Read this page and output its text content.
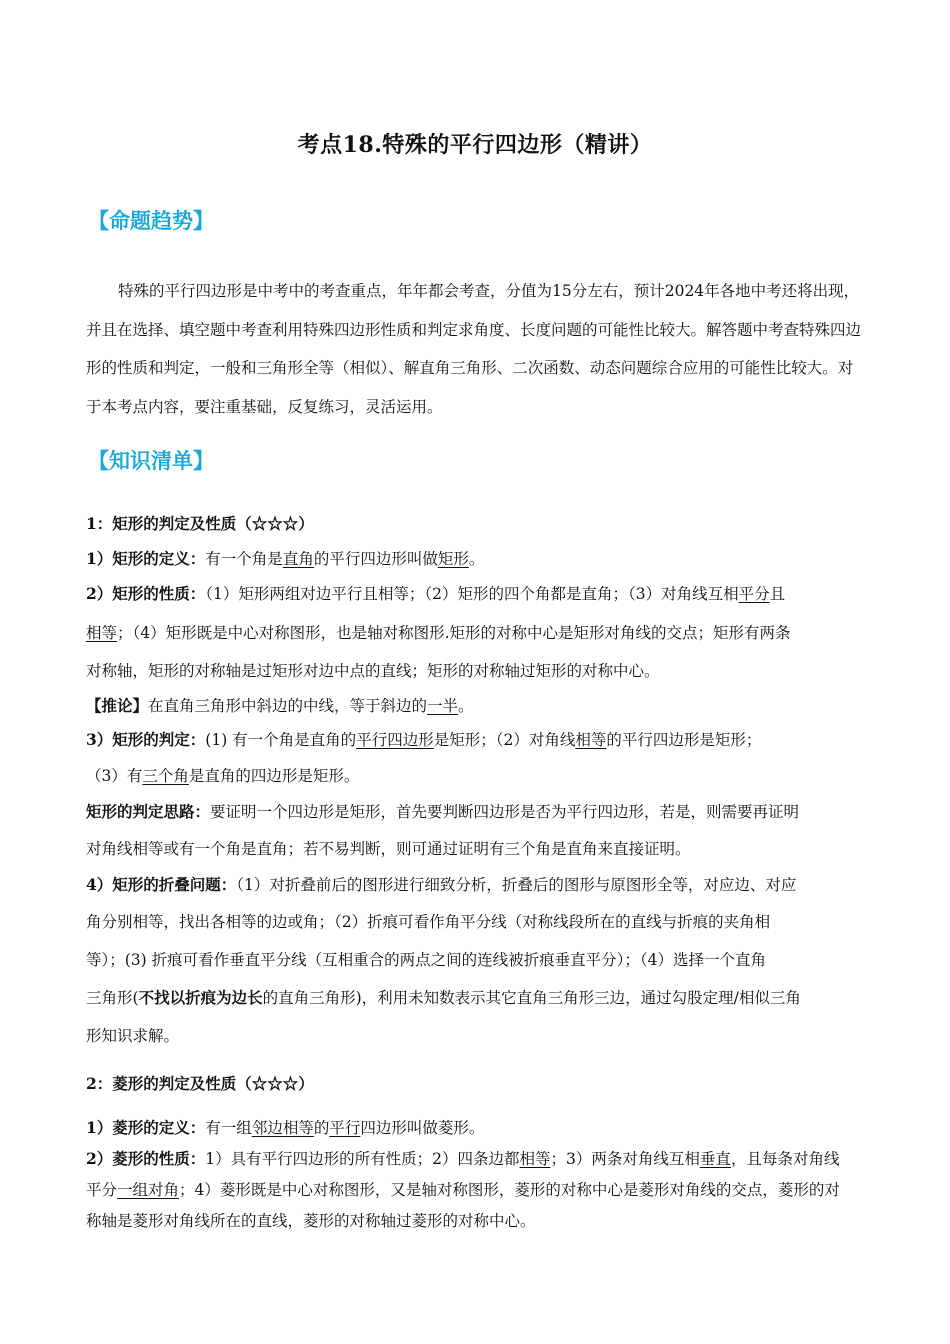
考点18.特殊的平行四边形（精讲）
【命题趋势】

特殊的平行四边形是中考中的考查重点，年年都会考查，分值为15分左右，预计2024年各地中考还将出现，并且在选择、填空题中考查利用特殊四边形性质和判定求角度、长度问题的可能性比较大。解答题中考查特殊四边形的性质和判定，一般和三角形全等（相似）、解直角三角形、二次函数、动态问题综合应用的可能性比较大。对于本考点内容，要注重基础，反复练习，灵活运用。

【知识清单】
1：矩形的判定及性质（☆☆☆）
1）矩形的定义：有一个角是直角的平行四边形叫做矩形。
2）矩形的性质：（1）矩形两组对边平行且相等；（2）矩形的四个角都是直角；（3）对角线互相平分且
相等；（4）矩形既是中心对称图形，也是轴对称图形.矩形的对称中心是矩形对角线的交点；矩形有两条
对称轴，矩形的对称轴是过矩形对边中点的直线；矩形的对称轴过矩形的对称中心。
【推论】在直角三角形中斜边的中线，等于斜边的一半。
3）矩形的判定：(1) 有一个角是直角的平行四边形是矩形；（2）对角线相等的平行四边形是矩形；
（3）有三个角是直角的四边形是矩形。
矩形的判定思路：要证明一个四边形是矩形，首先要判断四边形是否为平行四边形，若是，则需要再证明
对角线相等或有一个角是直角；若不易判断，则可通过证明有三个角是直角来直接证明。
4）矩形的折叠问题：（1）对折叠前后的图形进行细致分析，折叠后的图形与原图形全等，对应边、对应
角分别相等，找出各相等的边或角；（2）折痕可看作角平分线（对称线段所在的直线与折痕的夹角相
等）；(3) 折痕可看作垂直平分线（互相重合的两点之间的连线被折痕垂直平分）；（4）选择一个直角
三角形(不找以折痕为边长的直角三角形)，利用未知数表示其它直角三角形三边，通过勾股定理/相似三角
形知识求解。
2：菱形的判定及性质（☆☆☆）
1）菱形的定义：有一组邻边相等的平行四边形叫做菱形。
2）菱形的性质：1）具有平行四边形的所有性质；2）四条边都相等；3）两条对角线互相垂直，且每条对角线
平分一组对角；4）菱形既是中心对称图形，又是轴对称图形，菱形的对称中心是菱形对角线的交点，菱形的对
称轴是菱形对角线所在的直线，菱形的对称轴过菱形的对称中心。
